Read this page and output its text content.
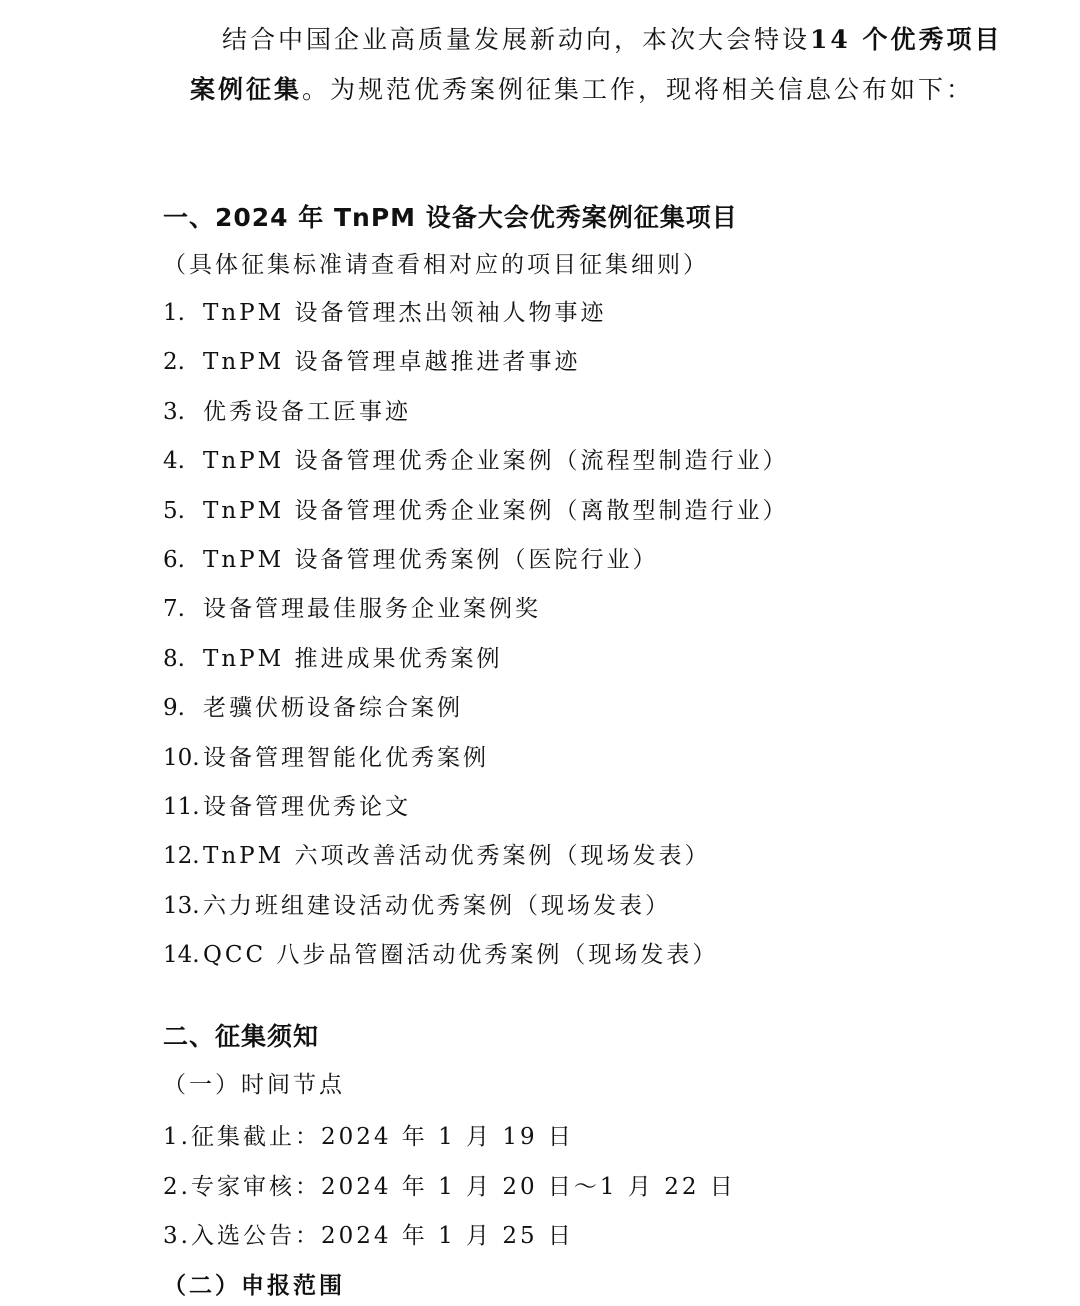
结合中国企业高质量发展新动向，本次大会特设14 个优秀项目
案例征集。为规范优秀案例征集工作，现将相关信息公布如下：
一、2024 年 TnPM 设备大会优秀案例征集项目
（具体征集标准请查看相对应的项目征集细则）
1. TnPM 设备管理杰出领袖人物事迹
2. TnPM 设备管理卓越推进者事迹
3. 优秀设备工匠事迹
4. TnPM 设备管理优秀企业案例（流程型制造行业）
5. TnPM 设备管理优秀企业案例（离散型制造行业）
6. TnPM 设备管理优秀案例（医院行业）
7. 设备管理最佳服务企业案例奖
8. TnPM 推进成果优秀案例
9. 老骥伏枥设备综合案例
10. 设备管理智能化优秀案例
11. 设备管理优秀论文
12. TnPM 六项改善活动优秀案例（现场发表）
13. 六力班组建设活动优秀案例（现场发表）
14. QCC 八步品管圈活动优秀案例（现场发表）
二、征集须知
（一）时间节点
1.征集截止：2024 年 1 月 19 日
2.专家审核：2024 年 1 月 20 日～1 月 22 日
3.入选公告：2024 年 1 月 25 日
（二）申报范围
